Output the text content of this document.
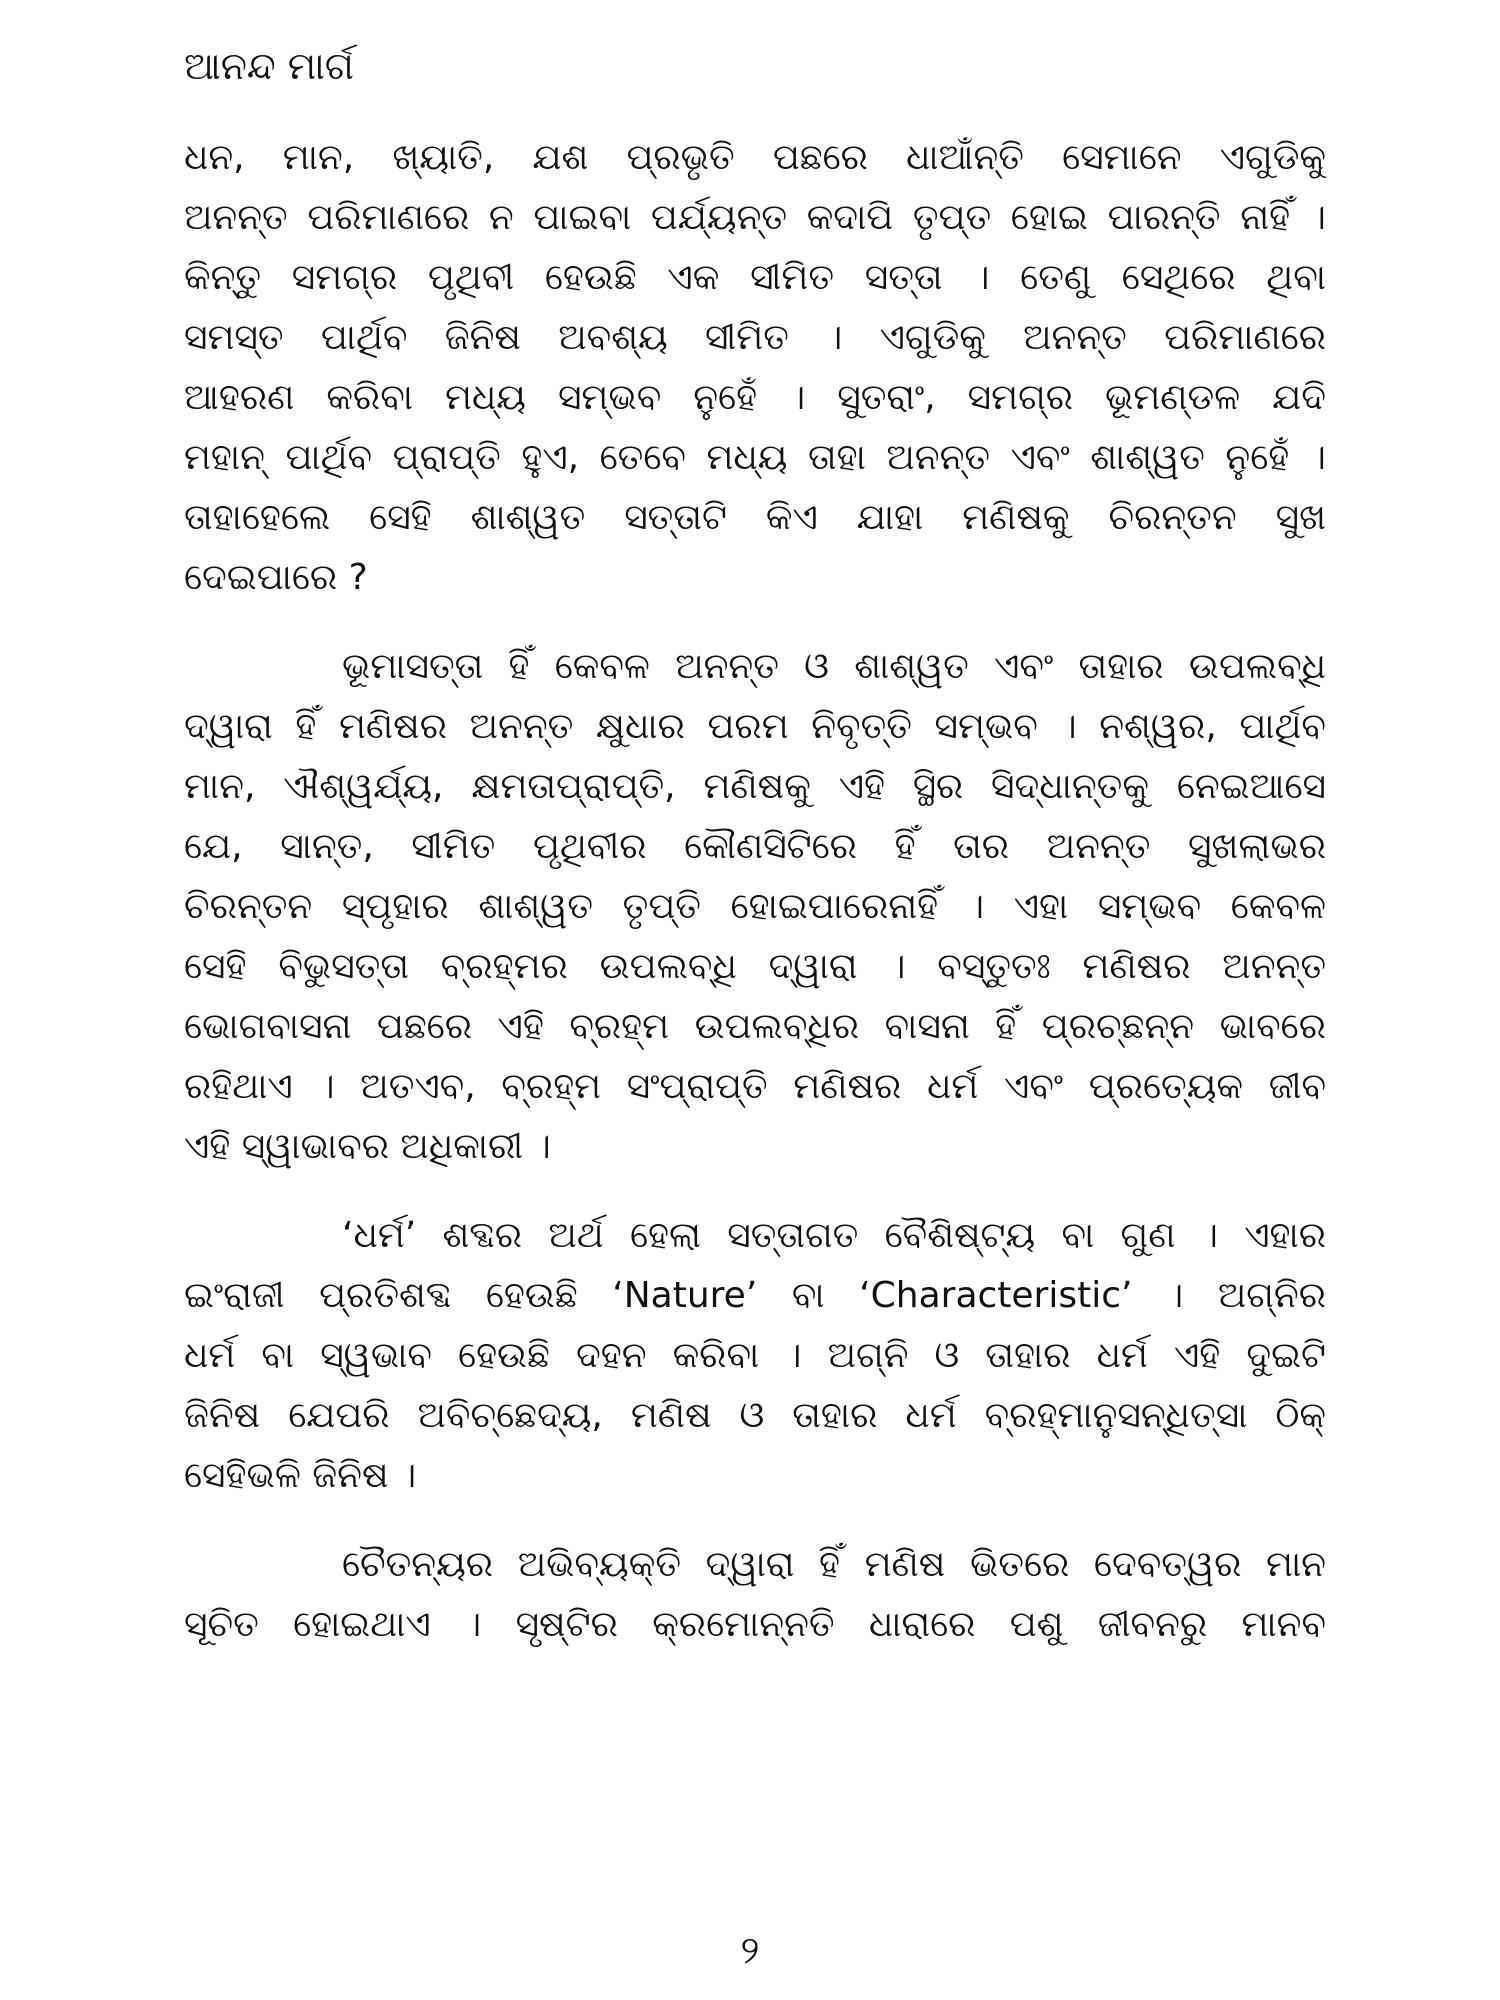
ଆନନ୍ଦ ମାର୍ଗ

ଧନ, ମାନ, ଖ୍ୟାତି, ଯଶ ପ୍ରଭୃତି ପଛରେ ଧାଆଁନ୍ତି ସେମାନେ ଏଗୁଡିକୁ
ଅନନ୍ତ ପରିମାଣରେ ନ ପାଇବା ପର୍ଯ୍ୟନ୍ତ କଦାପି ତୃପ୍ତ ହୋଇ ପାରନ୍ତି ନାହିଁ ।
କିନ୍ତୁ ସମଗ୍ର ପୃଥିବୀ ହେଉଛି ଏକ ସୀମିତ ସତ୍ତା । ତେଣୁ ସେଥିରେ ଥିବା
ସମସ୍ତ ପାର୍ଥିବ ଜିନିଷ ଅବଶ୍ୟ ସୀମିତ । ଏଗୁଡିକୁ ଅନନ୍ତ ପରିମାଣରେ
ଆହରଣ କରିବା ମଧ୍ୟ ସମ୍ଭବ ନୁହେଁ । ସୁତରାଂ, ସମଗ୍ର ଭୂମଣ୍ଡଳ ଯଦି
ମହାନ୍ ପାର୍ଥିବ ପ୍ରାପ୍ତି ହୁଏ, ତେବେ ମଧ୍ୟ ତାହା ଅନନ୍ତ ଏବଂ ଶାଶ୍ୱତ ନୁହେଁ ।
ତାହାହେଲେ ସେହି ଶାଶ୍ୱତ ସତ୍ତାଟି କିଏ ଯାହା ମଣିଷକୁ ଚିରନ୍ତନ ସୁଖ
ଦେଇପାରେ ?

ଭୂମାସତ୍ତା ହିଁ କେବଳ ଅନନ୍ତ ଓ ଶାଶ୍ୱତ ଏବଂ ତାହାର ଉପଲବ୍ଧି
ଦ୍ୱାରା ହିଁ ମଣିଷର ଅନନ୍ତ କ୍ଷୁଧାର ପରମ ନିବୃତ୍ତି ସମ୍ଭବ । ନଶ୍ୱର, ପାର୍ଥିବ
ମାନ, ଐଶ୍ୱର୍ଯ୍ୟ, କ୍ଷମତାପ୍ରାପ୍ତି, ମଣିଷକୁ ଏହି ସ୍ଥିର ସିଦ୍ଧାନ୍ତକୁ ନେଇଆସେ
ଯେ, ସାନ୍ତ, ସୀମିତ ପୃଥିବୀର କୌଣସିଟିରେ ହିଁ ତାର ଅନନ୍ତ ସୁଖଲାଭର
ଚିରନ୍ତନ ସ୍ପୃହାର ଶାଶ୍ୱତ ତୃପ୍ତି ହୋଇପାରେନାହିଁ । ଏହା ସମ୍ଭବ କେବଳ
ସେହି ବିଭୁସତ୍ତା ବ୍ରହ୍ମର ଉପଲବ୍ଧି ଦ୍ୱାରା । ବସ୍ତୁତଃ ମଣିଷର ଅନନ୍ତ
ଭୋଗବାସନା ପଛରେ ଏହି ବ୍ରହ୍ମ ଉପଲବ୍ଧିର ବାସନା ହିଁ ପ୍ରଚ୍ଛନ୍ନ ଭାବରେ
ରହିଥାଏ । ଅତଏବ, ବ୍ରହ୍ମ ସଂପ୍ରାପ୍ତି ମଣିଷର ଧର୍ମ ଏବଂ ପ୍ରତ୍ୟେକ ଜୀବ
ଏହି ସ୍ୱାଭାବର ଅଧିକାରୀ ।

‘ଧର୍ମ’ ଶବ୍ଦର ଅର୍ଥ ହେଲା ସତ୍ତାଗତ ବୈଶିଷ୍ଟ୍ୟ ବା ଗୁଣ । ଏହାର
ଇଂରାଜୀ ପ୍ରତିଶବ୍ଦ ହେଉଛି ‘Nature’ ବା ‘Characteristic’ । ଅଗ୍ନିର
ଧର୍ମ ବା ସ୍ୱଭାବ ହେଉଛି ଦହନ କରିବା । ଅଗ୍ନି ଓ ତାହାର ଧର୍ମ ଏହି ଦୁଇଟି
ଜିନିଷ ଯେପରି ଅବିଚ୍ଛେଦ୍ୟ, ମଣିଷ ଓ ତାହାର ଧର୍ମ ବ୍ରହ୍ମାନୁସନ୍ଧିତ୍ସା ଠିକ୍
ସେହିଭଳି ଜିନିଷ ।

ଚୈତନ୍ୟର ଅଭିବ୍ୟକ୍ତି ଦ୍ୱାରା ହିଁ ମଣିଷ ଭିତରେ ଦେବତ୍ୱର ମାନ
ସୂଚିତ ହୋଇଥାଏ । ସୃଷ୍ଟିର କ୍ରମୋନ୍ନତି ଧାରାରେ ପଶୁ ଜୀବନରୁ ମାନବ

୨
